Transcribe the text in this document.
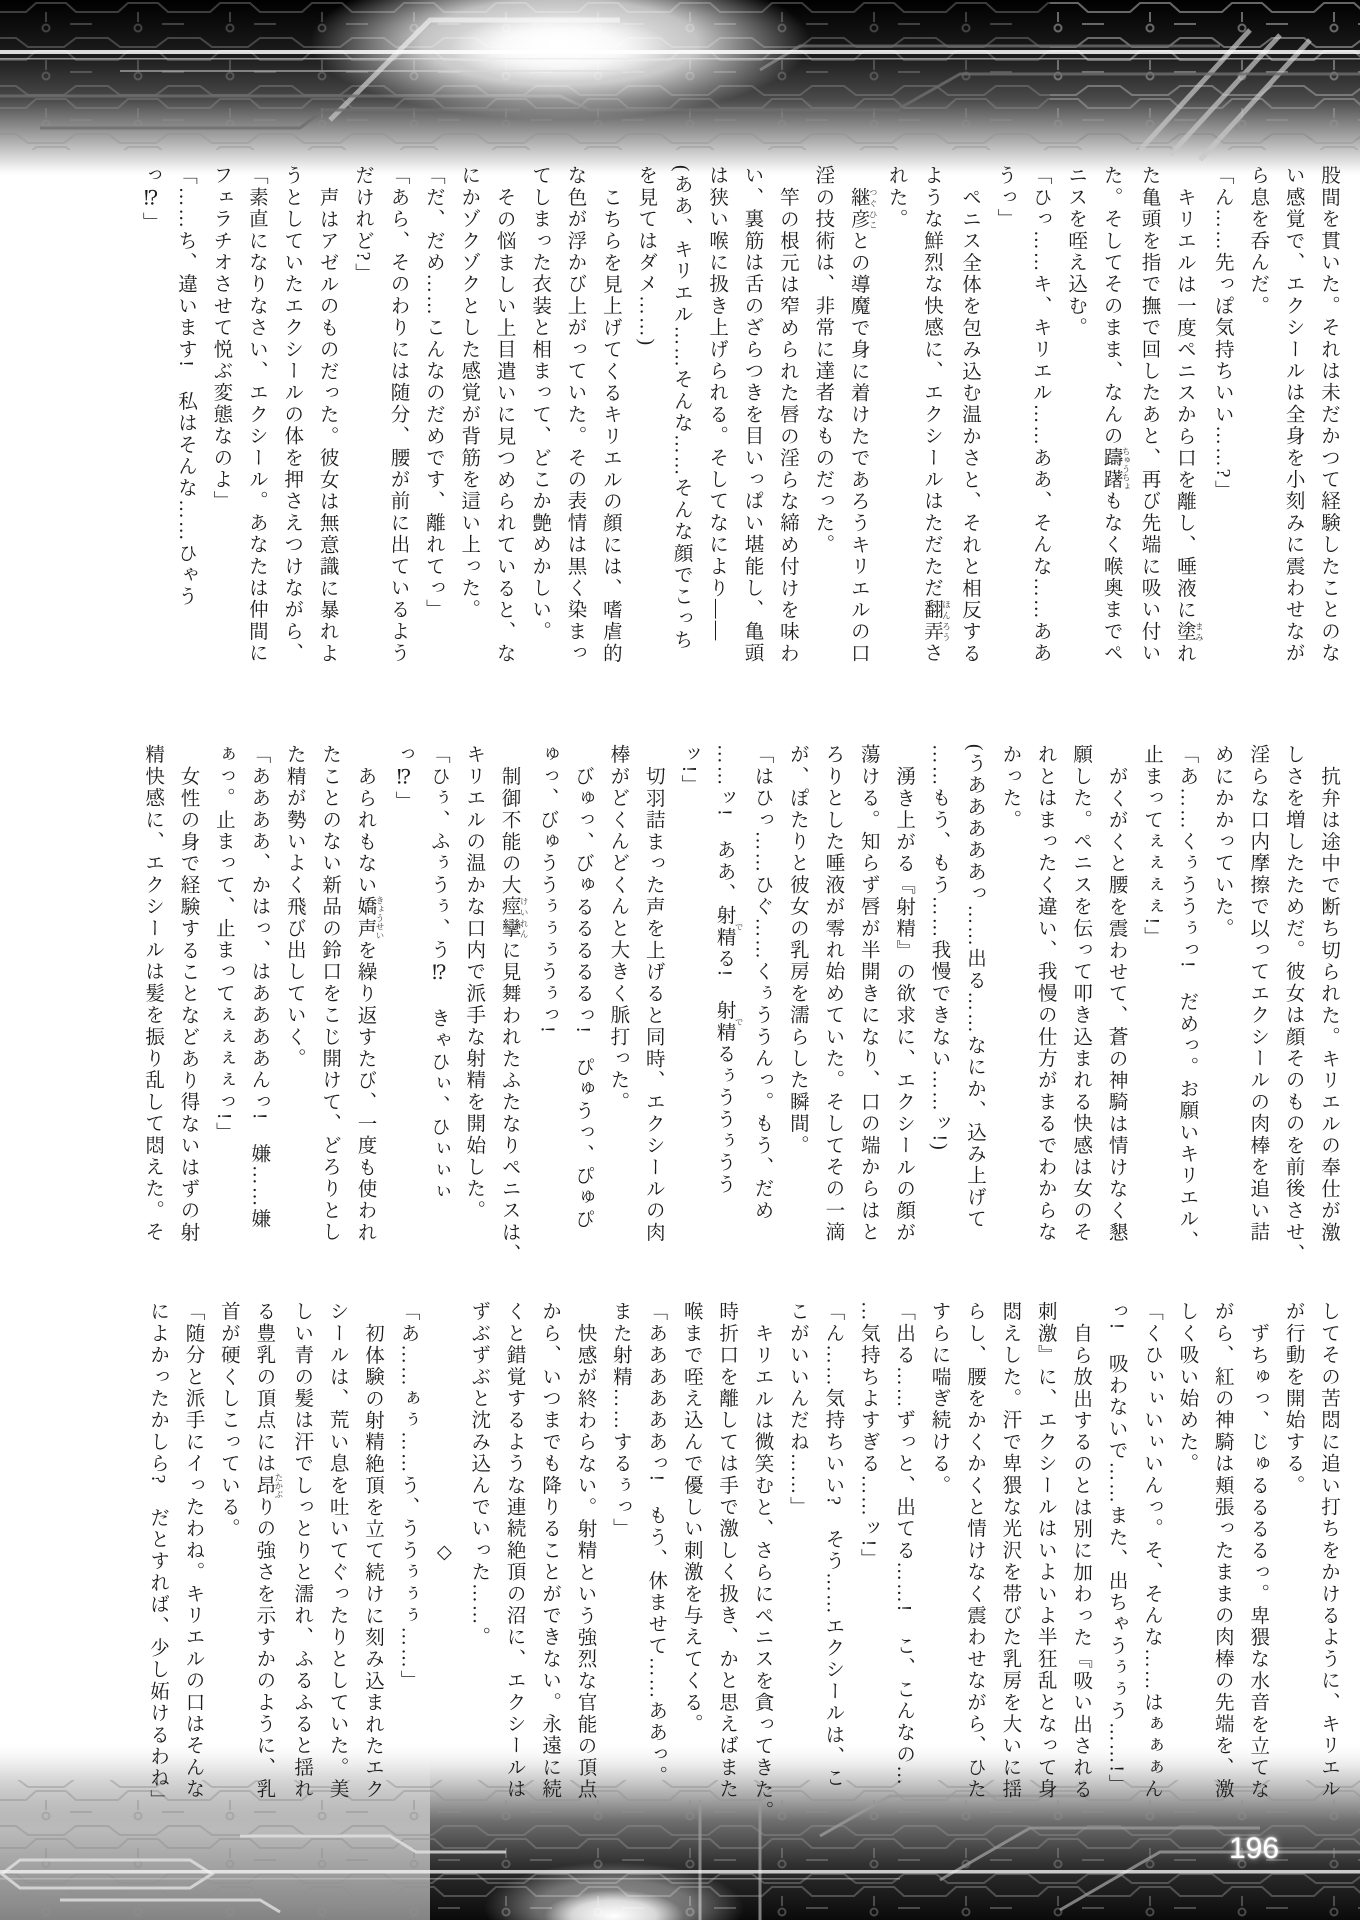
股間を貫いた。それは未だかつて経験したことのな

い感覚で、エクシールは全身を小刻みに震わせなが

ら息を呑んだ。

「ん……先っぽ気持ちいい……?」

キリエルは一度ペニスから口を離し、唾液に塗 まみれ

た亀頭を指で撫で回したあと、再び先端に吸い付い

た。そしてそのまま、なんの躊躇 ちゅうちょもなく喉奥までペ

ニスを咥え込む。

「ひっ……キ、キリエル……ああ、そんな……ああ

うっ」

ペニス全体を包み込む温かさと、それと相反する

ような鮮烈な快感に、エクシールはただただ翻弄 ほんろうさ

れた。

継彦 つぐひことの導魔で身に着けたであろうキリエルの口

淫の技術は、非常に達者なものだった。

竿の根元は窄められた唇の淫らな締め付けを味わ

い、裏筋は舌のざらつきを目いっぱい堪能し、亀頭

は狭い喉に扱き上げられる。そしてなにより――

(ああ、キリエル……そんな……そんな顔でこっち

を見てはダメ……)

こちらを見上げてくるキリエルの顔には、嗜虐的

な色が浮かび上がっていた。その表情は黒く染まっ

てしまった衣装と相まって、どこか艶めかしい。

その悩ましい上目遣いに見つめられていると、な

にかゾクゾクとした感覚が背筋を這い上った。

「だ、だめ……こんなのだめです、離れてっ」

「あら、そのわりには随分、腰が前に出ているよう

だけれど?」

声はアゼルのものだった。彼女は無意識に暴れよ

うとしていたエクシールの体を押さえつけながら、

「素直になりなさい、エクシール。あなたは仲間に

フェラチオさせて悦ぶ変態なのよ」

「……ち、違います!　私はそんな……ひゃう

っ⁉」

抗弁は途中で断ち切られた。キリエルの奉仕が激

しさを増したためだ。彼女は顔そのものを前後させ、

淫らな口内摩擦で以ってエクシールの肉棒を追い詰

めにかかっていた。

「あ……くぅううぅっ!　だめっ。お願いキリエル、

止まってぇぇぇぇ!」

がくがくと腰を震わせて、蒼の神騎は情けなく懇

願した。ペニスを伝って叩き込まれる快感は女のそ

れとはまったく違い、我慢の仕方がまるでわからな

かった。

(うあああああっ……出る……なにか、込み上げて

……もう、もう……我慢できない……ッ!)

湧き上がる『射精』の欲求に、エクシールの顔が

蕩ける。知らず唇が半開きになり、口の端からはと

ろりとした唾液が零れ始めていた。そしてその一滴

が、ぽたりと彼女の乳房を濡らした瞬間。

「はひっ……ひぐ……くぅううんっ。もう、だめ

……ッ!　ああ、射精 でる!　射精 でるぅううぅうう

ッ!」

切羽詰まった声を上げると同時、エクシールの肉

棒がどくんどくんと大きく脈打った。

びゅっ、びゅるるるるるっ!　ぴゅうっ、ぴゅぴ

ゅっ、びゅううぅぅぅうぅっ!

制御不能の大痙攣 けいれんに見舞われたふたなりペニスは、

キリエルの温かな口内で派手な射精を開始した。

「ひぅ、ふぅうぅ、う⁉　きゃひぃ、ひぃぃぃ

っ⁉」

あられもない嬌声 きょうせいを繰り返すたび、一度も使われ

たことのない新品の鈴口をこじ開けて、どろりとし

た精が勢いよく飛び出していく。

「ああああ、かはっ、はああああんっ!　嫌……嫌

ぁっ。止まって、止まってぇぇぇぇっ!」

女性の身で経験することなどあり得ないはずの射

精快感に、エクシールは髪を振り乱して悶えた。そ

してその苦悶に追い打ちをかけるように、キリエル

が行動を開始する。

ずちゅっ、じゅるるるるっ。卑猥な水音を立てな

がら、紅の神騎は頬張ったままの肉棒の先端を、激

しく吸い始めた。

「くひぃぃいぃいんっ。そ、そんな……はぁぁぁん

っ!　吸わないで……また、出ちゃうぅぅう……!」

自ら放出するのとは別に加わった『吸い出される

刺激』に、エクシールはいよいよ半狂乱となって身

悶えした。汗で卑猥な光沢を帯びた乳房を大いに揺

らし、腰をかくかくと情けなく震わせながら、ひた

すらに喘ぎ続ける。

「出る……ずっと、出てる……!　こ、こんなの…

…気持ちよすぎる……ッ!」

「ん……気持ちいい?　そう……エクシールは、こ

こがいいんだね……」

キリエルは微笑むと、さらにペニスを貪ってきた。

時折口を離しては手で激しく扱き、かと思えばまた

喉まで咥え込んで優しい刺激を与えてくる。

「ああああああっ!　もう、休ませて……ああっ。

また射精……するぅっ」

快感が終わらない。射精という強烈な官能の頂点

から、いつまでも降りることができない。永遠に続

くと錯覚するような連続絶頂の沼に、エクシールは

ずぶずぶと沈み込んでいった……。

◇

「あ……ぁぅ……う、ううぅぅぅ……」

初体験の射精絶頂を立て続けに刻み込まれたエク

シールは、荒い息を吐いてぐったりとしていた。美

しい青の髪は汗でしっとりと濡れ、ふるふると揺れ

る豊乳の頂点には昂 たかぶりの強さを示すかのように、乳

首が硬くしこっている。

「随分と派手にイったわね。キリエルの口はそんな

によかったかしら?　だとすれば、少し妬けるわね」

196
